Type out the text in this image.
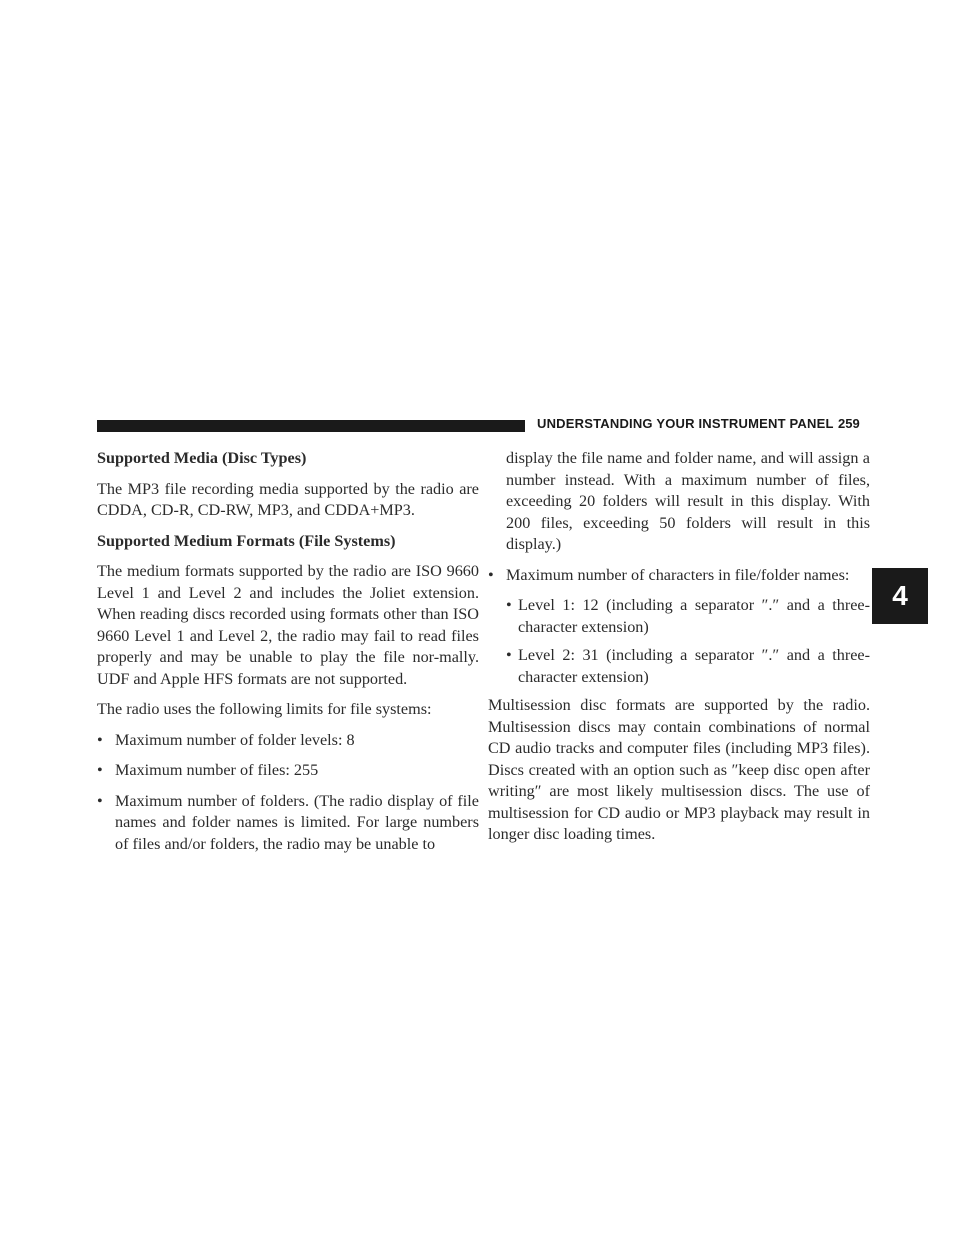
UNDERSTANDING YOUR INSTRUMENT PANEL 259
4
Supported Media (Disc Types)

The MP3 file recording media supported by the radio are CDDA, CD-R, CD-RW, MP3, and CDDA+MP3.

Supported Medium Formats (File Systems)

The medium formats supported by the radio are ISO 9660 Level 1 and Level 2 and includes the Joliet extension. When reading discs recorded using formats other than ISO 9660 Level 1 and Level 2, the radio may fail to read files properly and may be unable to play the file nor-mally. UDF and Apple HFS formats are not supported.

The radio uses the following limits for file systems:

• Maximum number of folder levels: 8
• Maximum number of files: 255
• Maximum number of folders. (The radio display of file names and folder names is limited. For large numbers of files and/or folders, the radio may be unable to
display the file name and folder name, and will assign a number instead. With a maximum number of files, exceeding 20 folders will result in this display. With 200 files, exceeding 50 folders will result in this display.)
• Maximum number of characters in file/folder names:
• Level 1: 12 (including a separator ″.″ and a three-character extension)
• Level 2: 31 (including a separator ″.″ and a three-character extension)

Multisession disc formats are supported by the radio. Multisession discs may contain combinations of normal CD audio tracks and computer files (including MP3 files). Discs created with an option such as ″keep disc open after writing″ are most likely multisession discs. The use of multisession for CD audio or MP3 playback may result in longer disc loading times.
